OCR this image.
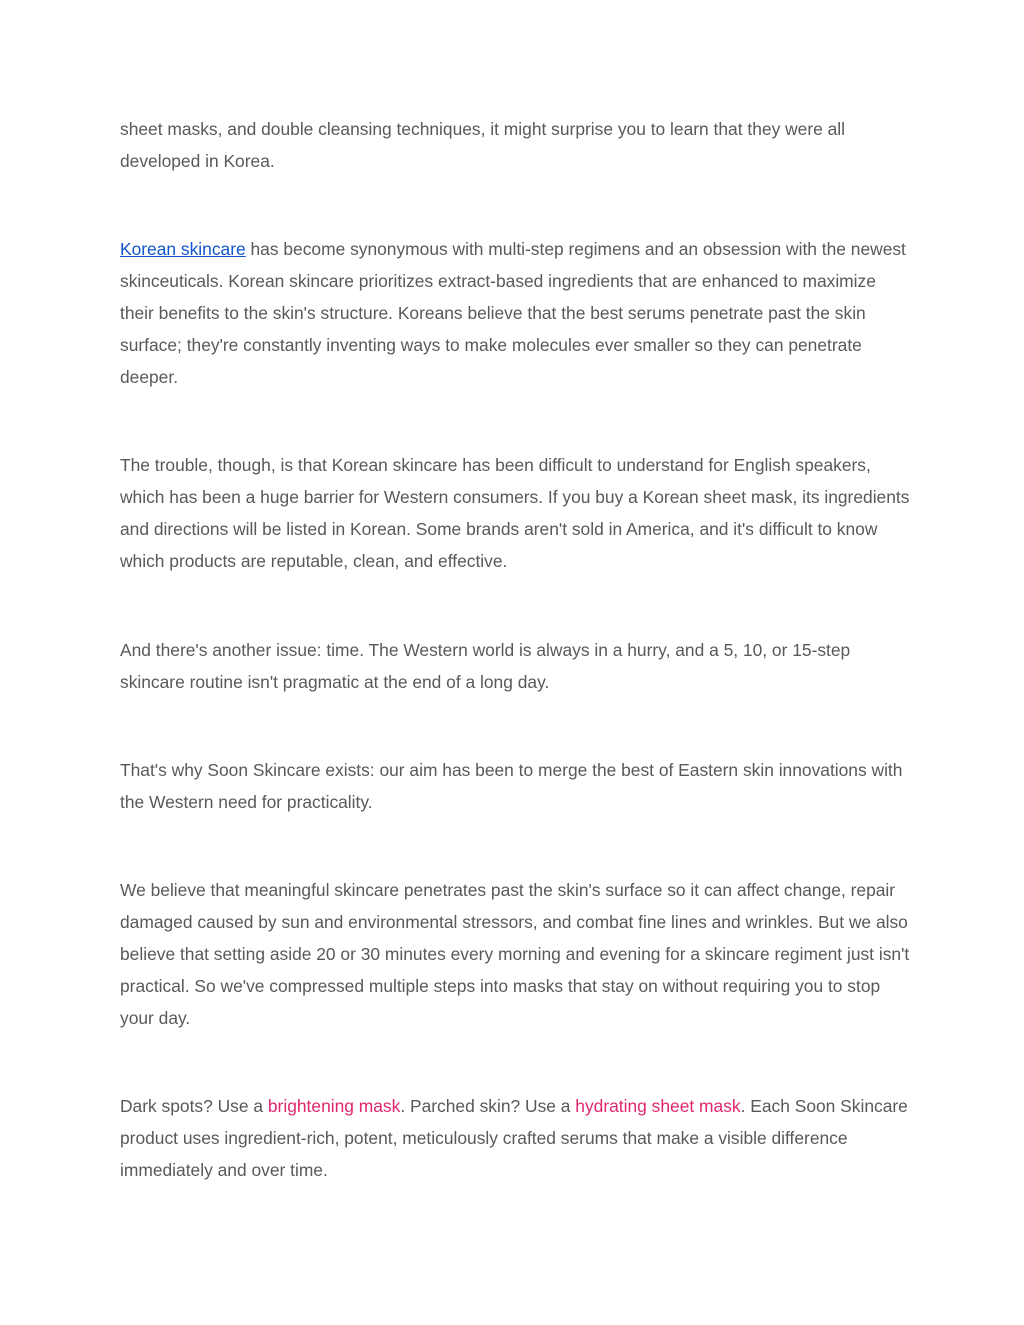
sheet masks, and double cleansing techniques, it might surprise you to learn that they were all developed in Korea.

Korean skincare has become synonymous with multi-step regimens and an obsession with the newest skinceuticals. Korean skincare prioritizes extract-based ingredients that are enhanced to maximize their benefits to the skin's structure. Koreans believe that the best serums penetrate past the skin surface; they're constantly inventing ways to make molecules ever smaller so they can penetrate deeper.

The trouble, though, is that Korean skincare has been difficult to understand for English speakers, which has been a huge barrier for Western consumers. If you buy a Korean sheet mask, its ingredients and directions will be listed in Korean. Some brands aren't sold in America, and it's difficult to know which products are reputable, clean, and effective.

And there's another issue: time. The Western world is always in a hurry, and a 5, 10, or 15-step skincare routine isn't pragmatic at the end of a long day.

That's why Soon Skincare exists: our aim has been to merge the best of Eastern skin innovations with the Western need for practicality.

We believe that meaningful skincare penetrates past the skin's surface so it can affect change, repair damaged caused by sun and environmental stressors, and combat fine lines and wrinkles. But we also believe that setting aside 20 or 30 minutes every morning and evening for a skincare regiment just isn't practical. So we've compressed multiple steps into masks that stay on without requiring you to stop your day.

Dark spots? Use a brightening mask. Parched skin? Use a hydrating sheet mask. Each Soon Skincare product uses ingredient-rich, potent, meticulously crafted serums that make a visible difference immediately and over time.
